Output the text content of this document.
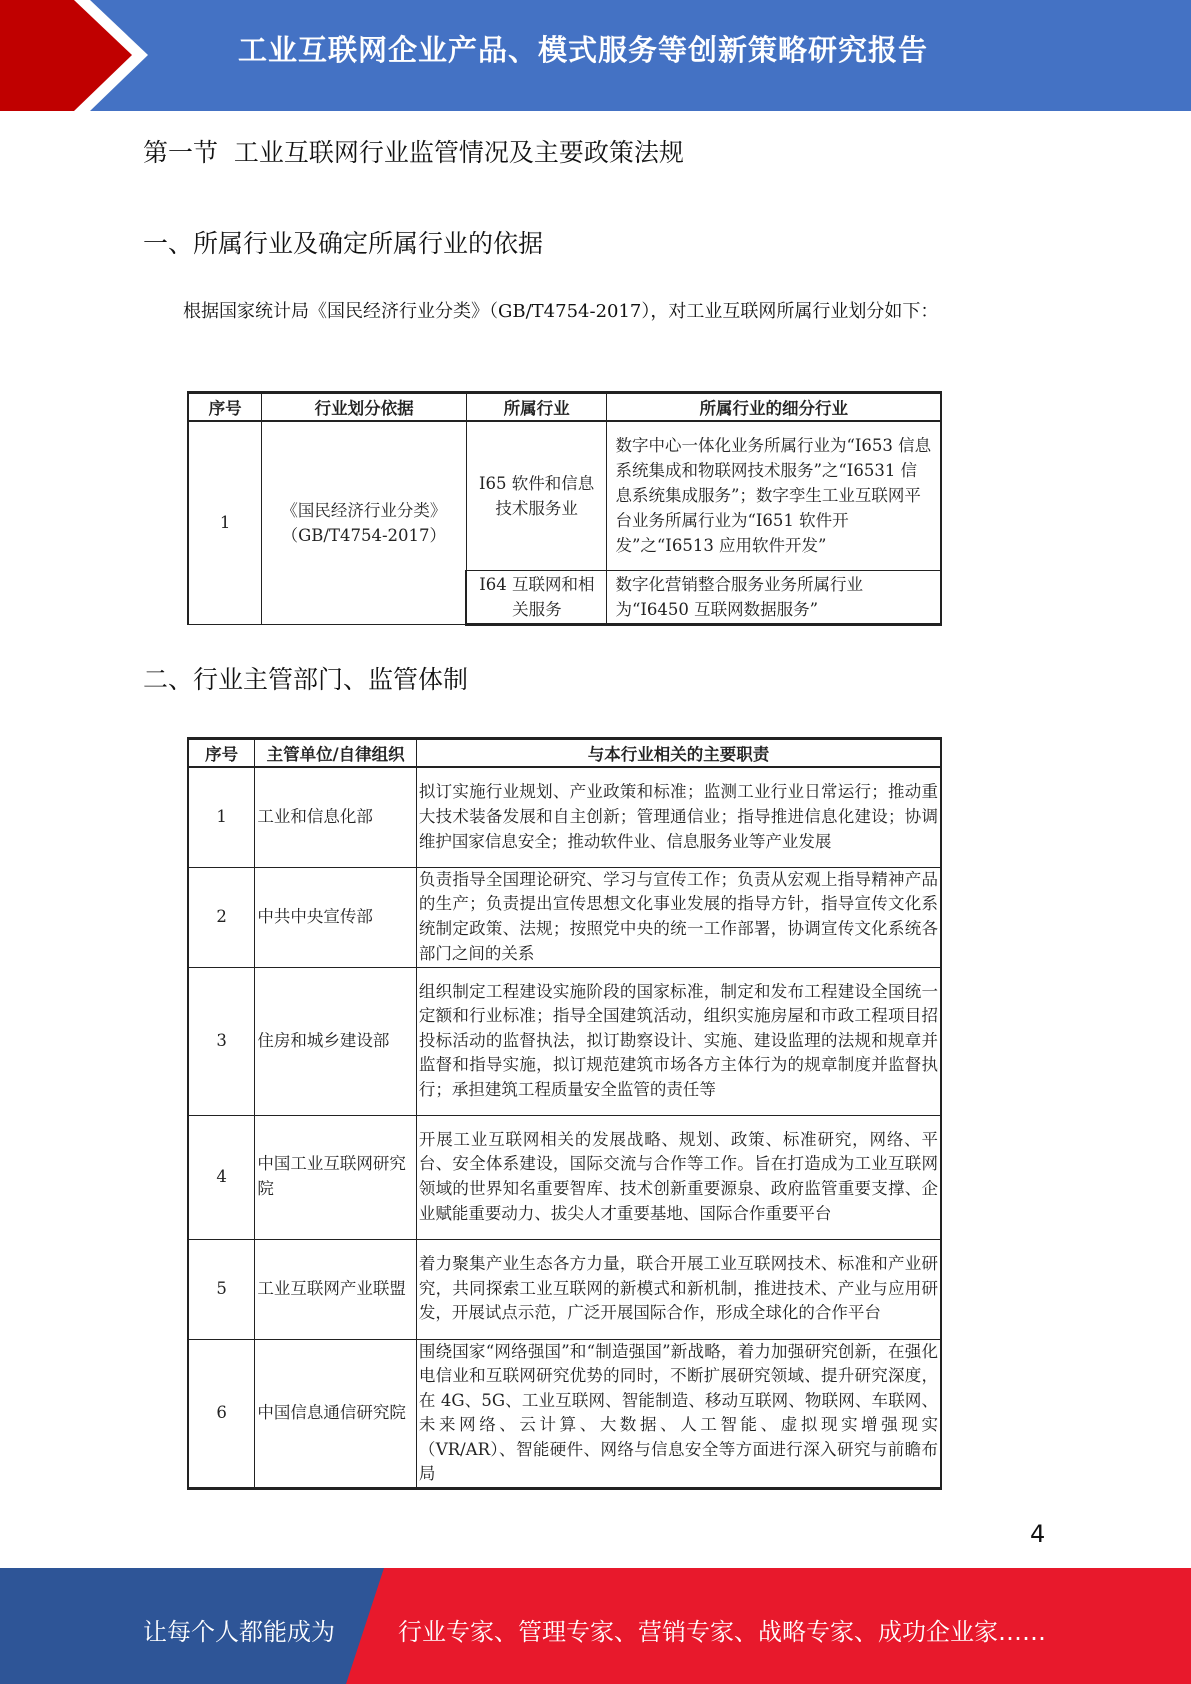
工业互联网企业产品、模式服务等创新策略研究报告
第一节  工业互联网行业监管情况及主要政策法规
一、所属行业及确定所属行业的依据
根据国家统计局《国民经济行业分类》（GB/T4754-2017），对工业互联网所属行业划分如下：
序号	行业划分依据	所属行业	所属行业的细分行业
1	《国民经济行业分类》（GB/T4754-2017）	I65 软件和信息技术服务业	数字中心一体化业务所属行业为“I653 信息系统集成和物联网技术服务”之“I6531 信息系统集成服务”；数字孪生工业互联网平台业务所属行业为“I651 软件开发”之“I6513 应用软件开发”
		I64 互联网和相关服务	数字化营销整合服务业务所属行业为“I6450 互联网数据服务”
二、行业主管部门、监管体制
序号	主管单位/自律组织	与本行业相关的主要职责
1	工业和信息化部	拟订实施行业规划、产业政策和标准；监测工业行业日常运行；推动重大技术装备发展和自主创新；管理通信业；指导推进信息化建设；协调维护国家信息安全；推动软件业、信息服务业等产业发展
2	中共中央宣传部	负责指导全国理论研究、学习与宣传工作；负责从宏观上指导精神产品的生产；负责提出宣传思想文化事业发展的指导方针，指导宣传文化系统制定政策、法规；按照党中央的统一工作部署，协调宣传文化系统各部门之间的关系
3	住房和城乡建设部	组织制定工程建设实施阶段的国家标准，制定和发布工程建设全国统一定额和行业标准；指导全国建筑活动，组织实施房屋和市政工程项目招投标活动的监督执法，拟订勘察设计、实施、建设监理的法规和规章并监督和指导实施，拟订规范建筑市场各方主体行为的规章制度并监督执行；承担建筑工程质量安全监管的责任等
4	中国工业互联网研究院	开展工业互联网相关的发展战略、规划、政策、标准研究，网络、平台、安全体系建设，国际交流与合作等工作。旨在打造成为工业互联网领域的世界知名重要智库、技术创新重要源泉、政府监管重要支撑、企业赋能重要动力、拔尖人才重要基地、国际合作重要平台
5	工业互联网产业联盟	着力聚集产业生态各方力量，联合开展工业互联网技术、标准和产业研究，共同探索工业互联网的新模式和新机制，推进技术、产业与应用研发，开展试点示范，广泛开展国际合作，形成全球化的合作平台
6	中国信息通信研究院	围绕国家“网络强国”和“制造强国”新战略，着力加强研究创新，在强化电信业和互联网研究优势的同时，不断扩展研究领域、提升研究深度，在 4G、5G、工业互联网、智能制造、移动互联网、物联网、车联网、未来网络、云计算、大数据、人工智能、虚拟现实增强现实（VR/AR）、智能硬件、网络与信息安全等方面进行深入研究与前瞻布局
4
让每个人都能成为	行业专家、管理专家、营销专家、战略专家、成功企业家……
